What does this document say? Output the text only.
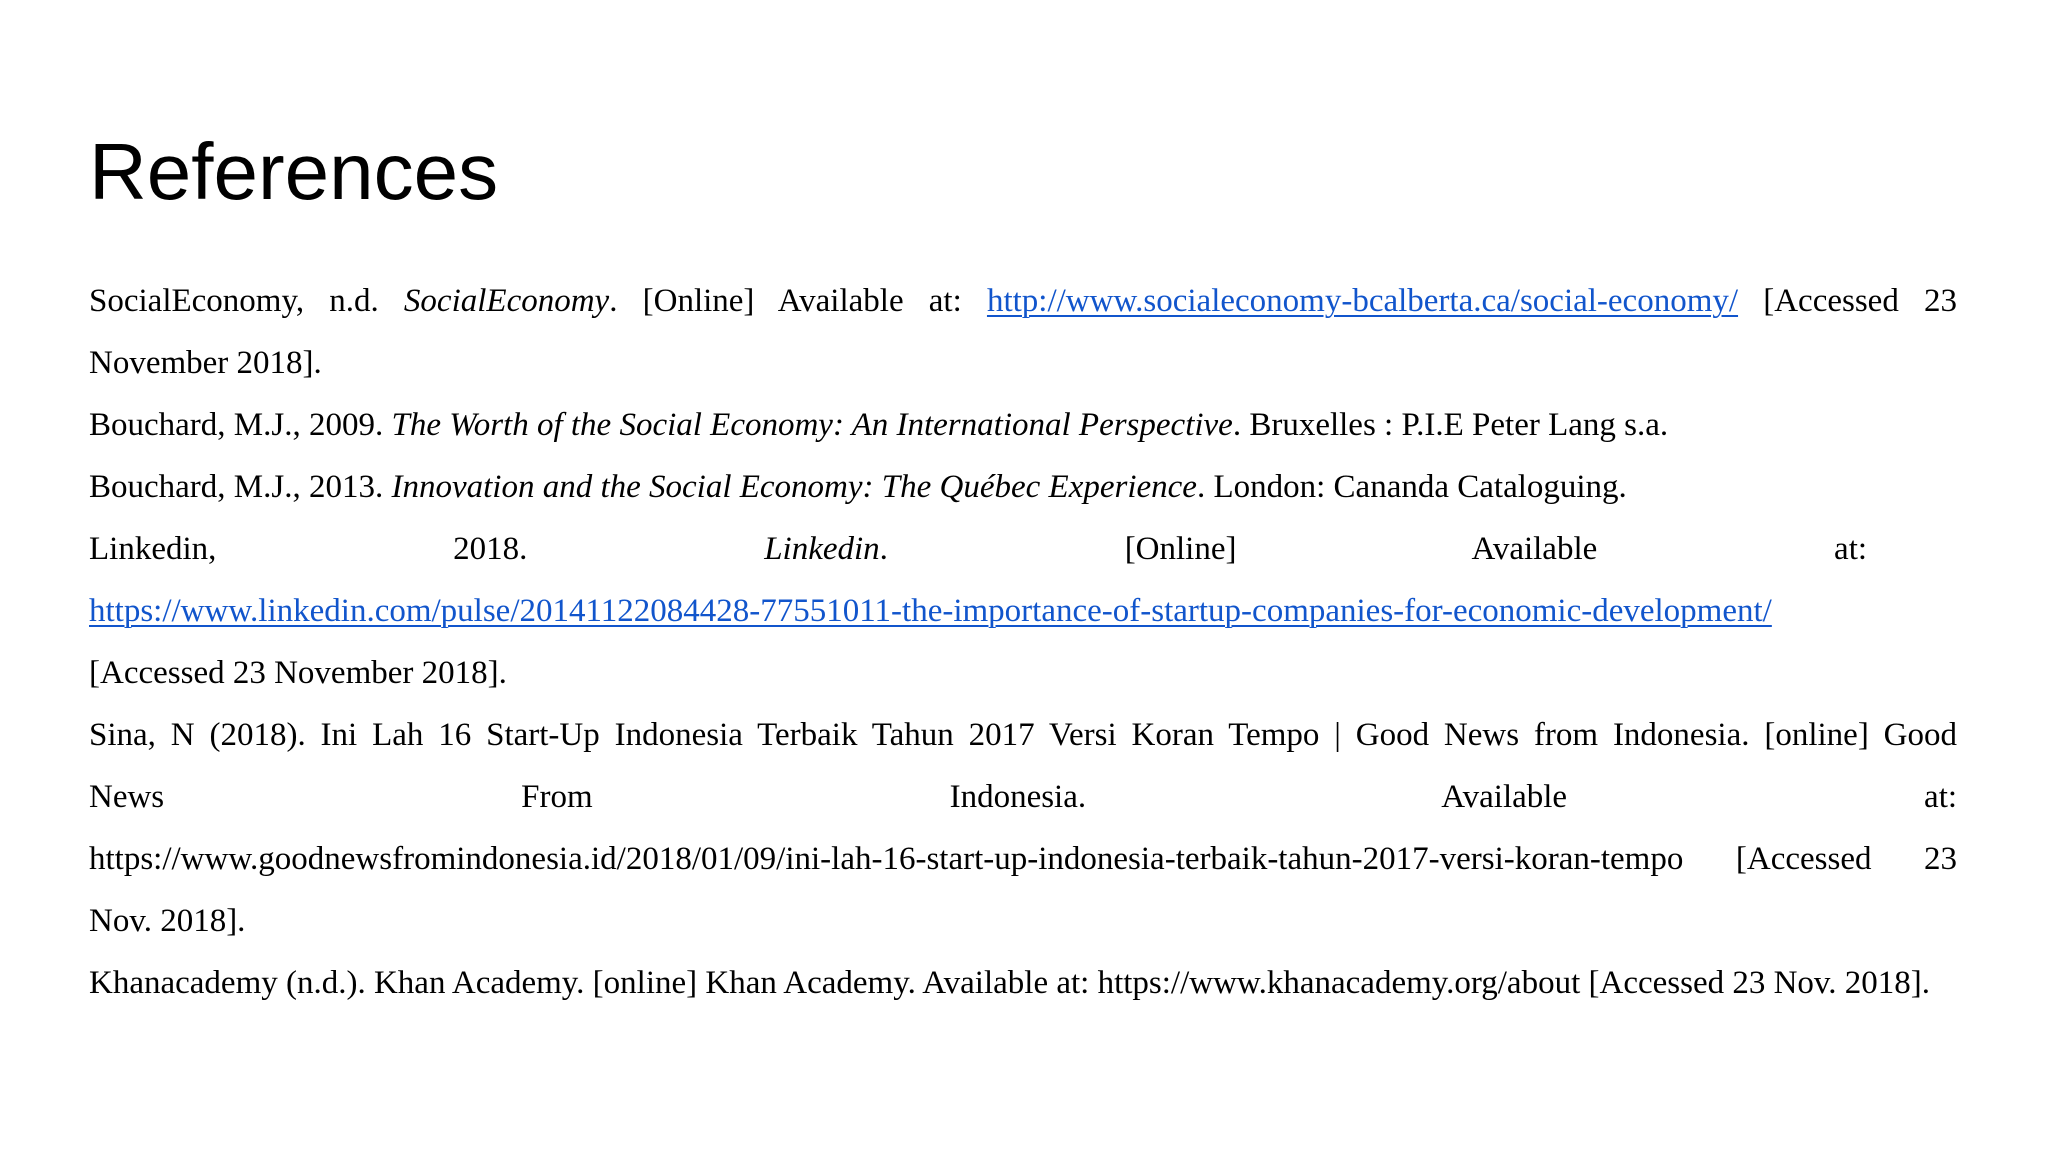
References

SocialEconomy, n.d. SocialEconomy. [Online] Available at: http://www.socialeconomy-bcalberta.ca/social-economy/ [Accessed 23 November 2018].

Bouchard, M.J., 2009. The Worth of the Social Economy: An International Perspective. Bruxelles : P.I.E Peter Lang s.a.

Bouchard, M.J., 2013. Innovation and the Social Economy: The Québec Experience. London: Cananda Cataloguing.

Linkedin,	2018.	Linkedin.	[Online]	Available	at:
https://www.linkedin.com/pulse/20141122084428-77551011-the-importance-of-startup-companies-for-economic-development/
[Accessed 23 November 2018].
Sina, N (2018). Ini Lah 16 Start-Up Indonesia Terbaik Tahun 2017 Versi Koran Tempo | Good News from Indonesia. [online] Good
News	From	Indonesia.	Available	at:
https://www.goodnewsfromindonesia.id/2018/01/09/ini-lah-16-start-up-indonesia-terbaik-tahun-2017-versi-koran-tempo [Accessed 23
Nov. 2018].

Khanacademy (n.d.). Khan Academy. [online] Khan Academy. Available at: https://www.khanacademy.org/about [Accessed 23 Nov. 2018].
